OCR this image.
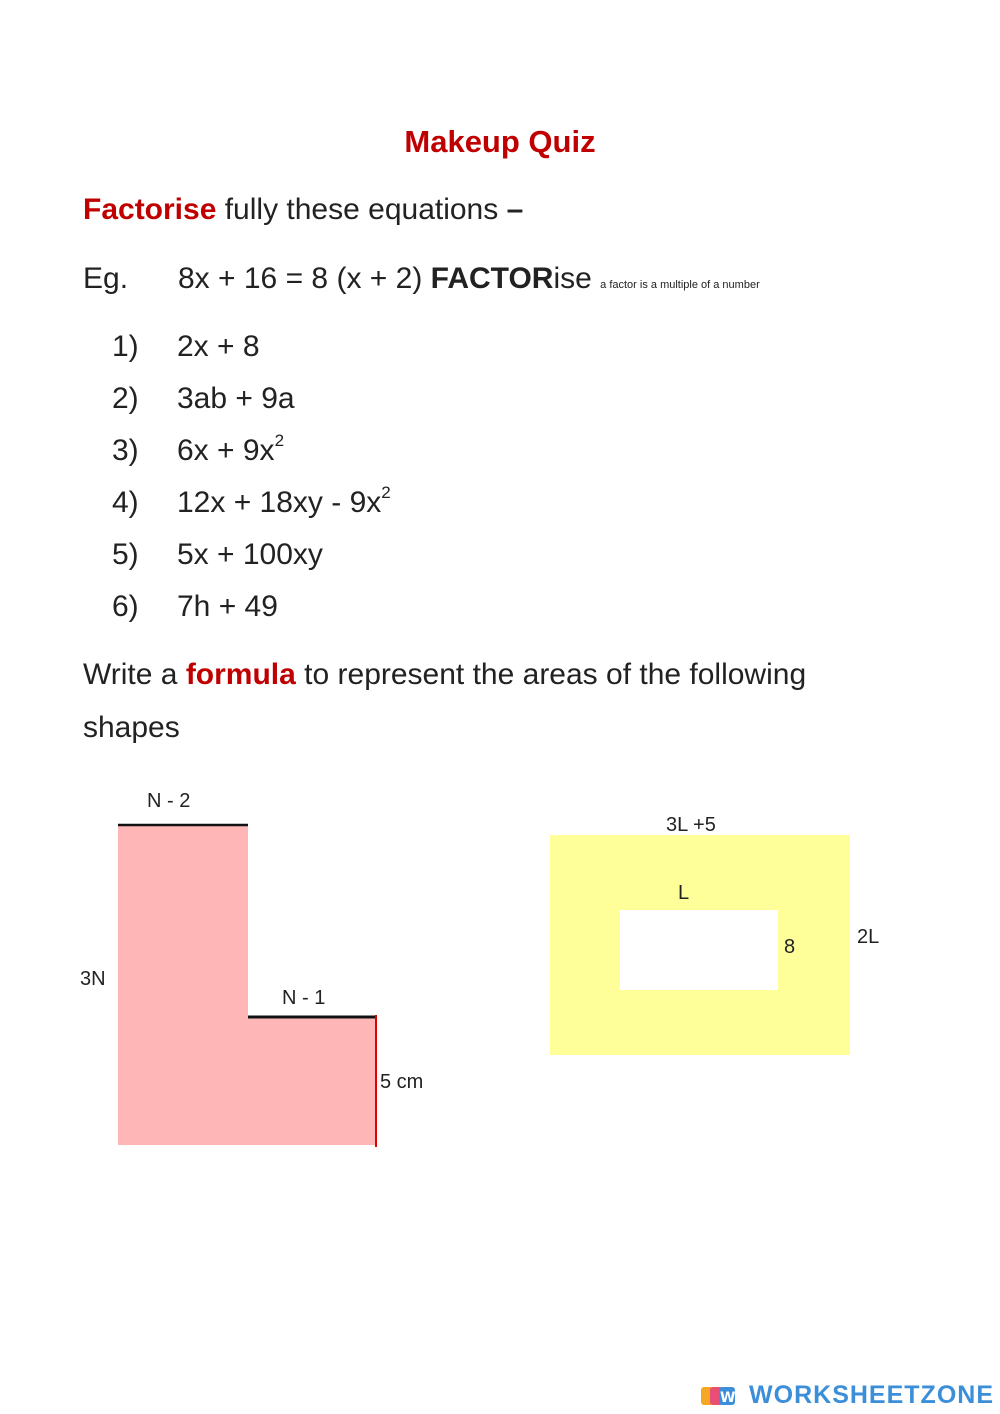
Makeup Quiz
Factorise fully these equations –
Eg. 8x + 16 = 8 (x + 2) FACTORise a factor is a multiple of a number
1) 2x + 8
2) 3ab + 9a
3) $6x + 9x^2$
4) $12x + 18xy - 9x^2$
5) 5x + 100xy
6) 7h + 49
Write a formula to represent the areas of the following
shapes
N - 2
3N
N - 1
5 cm
3L +5
L
8	2L
W WORKSHEETZONE
